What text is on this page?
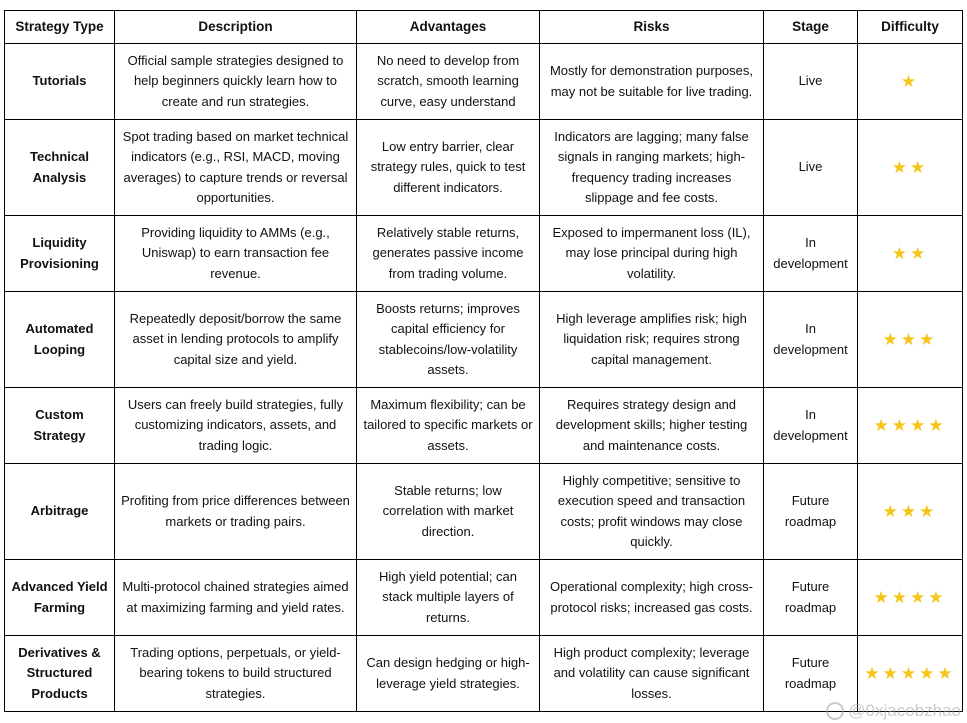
Strategy Type	Description	Advantages	Risks	Stage	Difficulty
Tutorials	Official sample strategies designed to help beginners quickly learn how to create and run strategies.	No need to develop from scratch, smooth learning curve, easy understand	Mostly for demonstration purposes, may not be suitable for live trading.	Live	★

Technical Analysis	Spot trading based on market technical indicators (e.g., RSI, MACD, moving averages) to capture trends or reversal opportunities.	Low entry barrier, clear strategy rules, quick to test different indicators.	Indicators are lagging; many false signals in ranging markets; high-frequency trading increases slippage and fee costs.	Live	★★

Liquidity Provisioning	Providing liquidity to AMMs (e.g., Uniswap) to earn transaction fee revenue.	Relatively stable returns, generates passive income from trading volume.	Exposed to impermanent loss (IL), may lose principal during high volatility.	In development	★★

Automated Looping	Repeatedly deposit/borrow the same asset in lending protocols to amplify capital size and yield.	Boosts returns; improves capital efficiency for stablecoins/low-volatility assets.	High leverage amplifies risk; high liquidation risk; requires strong capital management.	In development	★★★

Custom Strategy	Users can freely build strategies, fully customizing indicators, assets, and trading logic.	Maximum flexibility; can be tailored to specific markets or assets.	Requires strategy design and development skills; higher testing and maintenance costs.	In development	★★★★

Arbitrage	Profiting from price differences between markets or trading pairs.	Stable returns; low correlation with market direction.	Highly competitive; sensitive to execution speed and transaction costs; profit windows may close quickly.	Future roadmap	★★★

Advanced Yield Farming	Multi-protocol chained strategies aimed at maximizing farming and yield rates.	High yield potential; can stack multiple layers of returns.	Operational complexity; high cross-protocol risks; increased gas costs.	Future roadmap	★★★★

Derivatives & Structured Products	Trading options, perpetuals, or yield-bearing tokens to build structured strategies.	Can design hedging or high-leverage yield strategies.	High product complexity; leverage and volatility can cause significant losses.	Future roadmap	★★★★★
@0xjacobzhao
